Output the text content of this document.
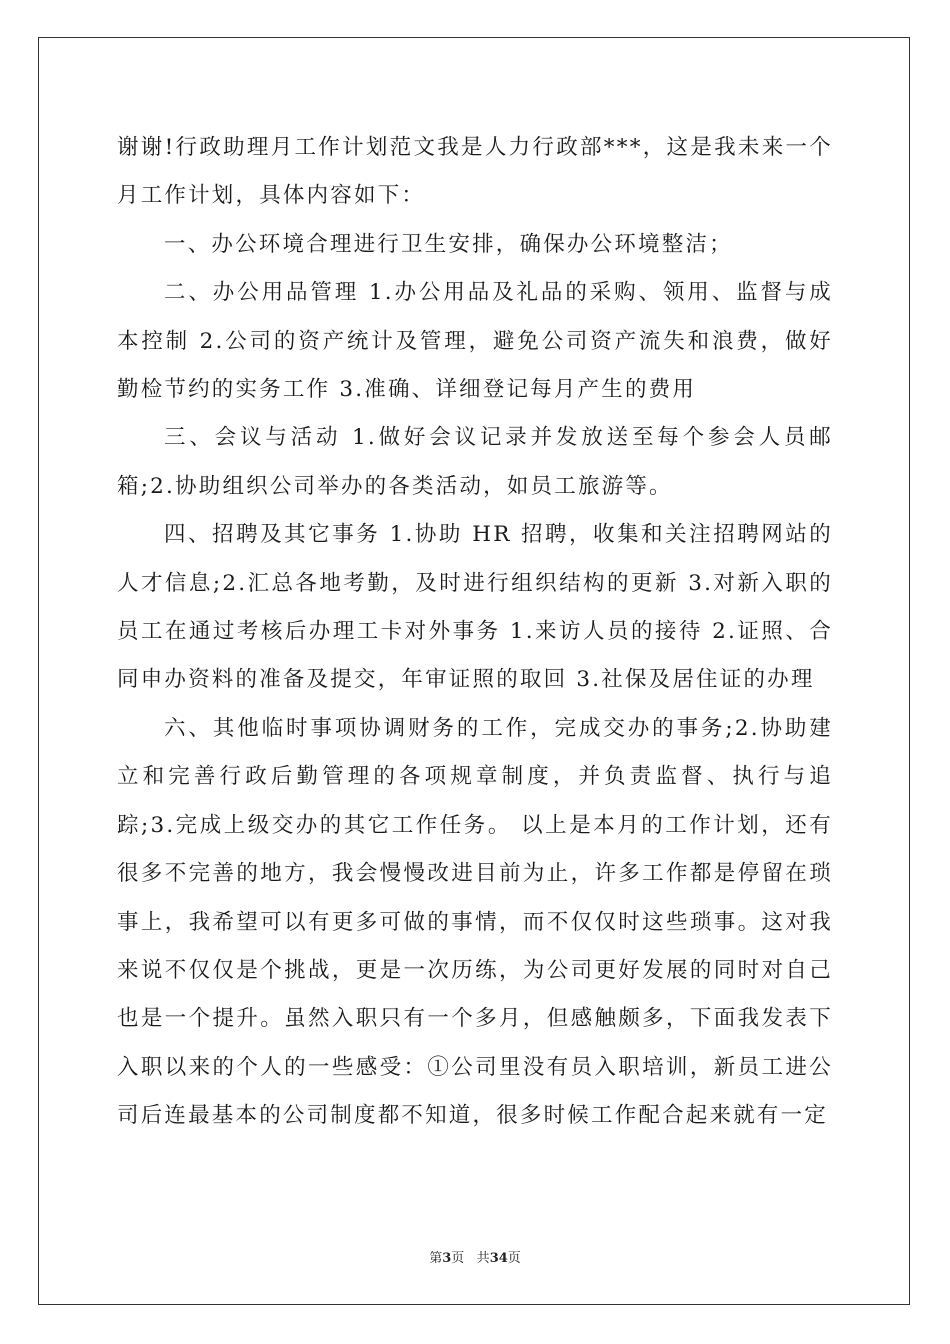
谢谢!行政助理月工作计划范文我是人力行政部***，这是我未来一个月工作计划，具体内容如下：

一、办公环境合理进行卫生安排，确保办公环境整洁；

二、办公用品管理 1.办公用品及礼品的采购、领用、监督与成本控制 2.公司的资产统计及管理，避免公司资产流失和浪费，做好勤检节约的实务工作 3.准确、详细登记每月产生的费用

三、会议与活动 1.做好会议记录并发放送至每个参会人员邮箱;2.协助组织公司举办的各类活动，如员工旅游等。

四、招聘及其它事务 1.协助 HR 招聘，收集和关注招聘网站的人才信息;2.汇总各地考勤，及时进行组织结构的更新 3.对新入职的员工在通过考核后办理工卡对外事务 1.来访人员的接待 2.证照、合同申办资料的准备及提交，年审证照的取回 3.社保及居住证的办理

六、其他临时事项协调财务的工作，完成交办的事务;2.协助建立和完善行政后勤管理的各项规章制度，并负责监督、执行与追踪;3.完成上级交办的其它工作任务。 以上是本月的工作计划，还有很多不完善的地方，我会慢慢改进目前为止，许多工作都是停留在琐事上，我希望可以有更多可做的事情，而不仅仅时这些琐事。这对我来说不仅仅是个挑战，更是一次历练，为公司更好发展的同时对自己也是一个提升。虽然入职只有一个多月，但感触颇多，下面我发表下入职以来的个人的一些感受：①公司里没有员入职培训，新员工进公司后连最基本的公司制度都不知道，很多时候工作配合起来就有一定

第3页 共34页
